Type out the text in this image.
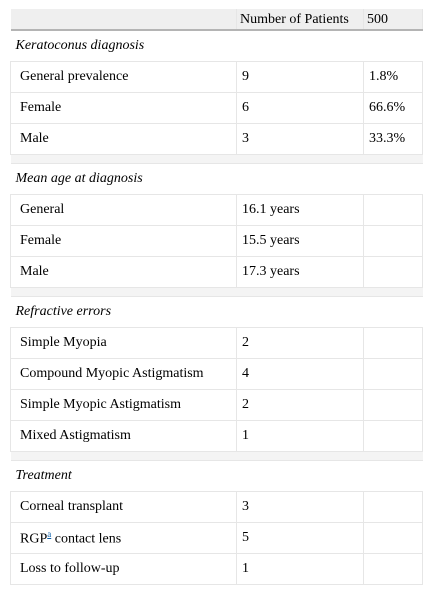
	Number of Patients	500
Keratoconus diagnosis		
General prevalence	9	1.8%
Female	6	66.6%
Male	3	33.3%

Mean age at diagnosis		
General	16.1 years	
Female	15.5 years	
Male	17.3 years	

Refractive errors		
Simple Myopia	2	
Compound Myopic Astigmatism	4	
Simple Myopic Astigmatism	2	
Mixed Astigmatism	1	

Treatment		
Corneal transplant	3	
RGP$^a$ contact lens	5	
Loss to follow-up	1	
